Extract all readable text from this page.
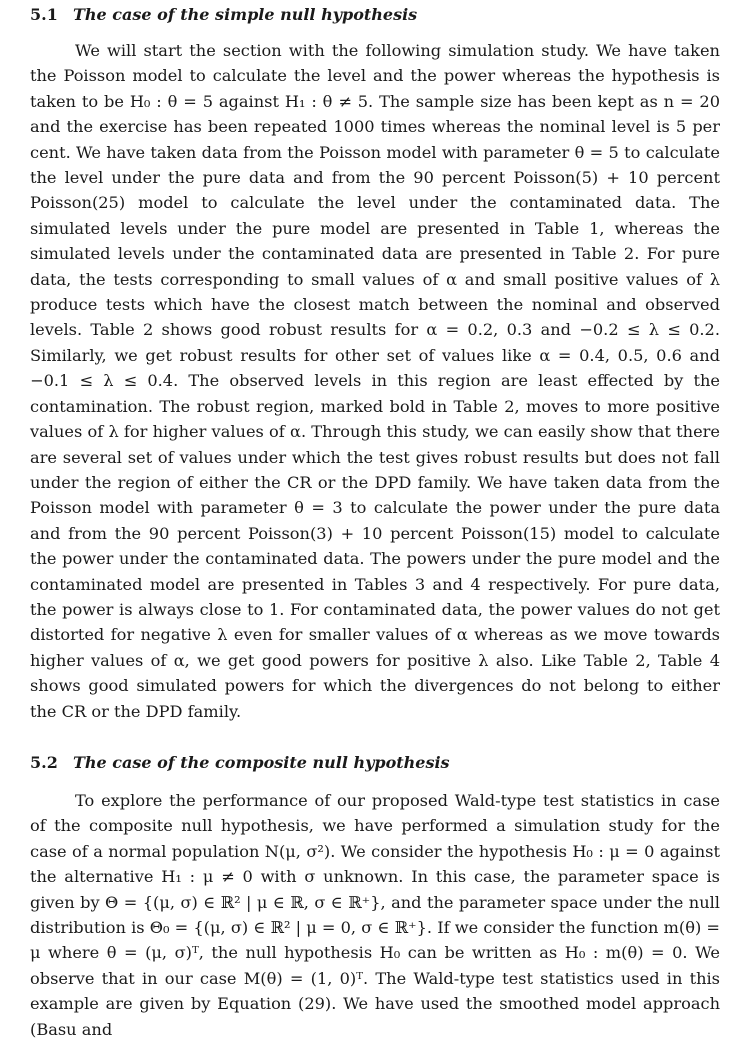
5.1 The case of the simple null hypothesis

We will start the section with the following simulation study. We have taken the Poisson model to calculate the level and the power whereas the hypothesis is taken to be H₀ : θ = 5 against H₁ : θ ≠ 5. The sample size has been kept as n = 20 and the exercise has been repeated 1000 times whereas the nominal level is 5 per cent. We have taken data from the Poisson model with parameter θ = 5 to calculate the level under the pure data and from the 90 percent Poisson(5) + 10 percent Poisson(25) model to calculate the level under the contaminated data. The simulated levels under the pure model are presented in Table 1, whereas the simulated levels under the contaminated data are presented in Table 2. For pure data, the tests corresponding to small values of α and small positive values of λ produce tests which have the closest match between the nominal and observed levels. Table 2 shows good robust results for α = 0.2, 0.3 and −0.2 ≤ λ ≤ 0.2. Similarly, we get robust results for other set of values like α = 0.4, 0.5, 0.6 and −0.1 ≤ λ ≤ 0.4. The observed levels in this region are least effected by the contamination. The robust region, marked bold in Table 2, moves to more positive values of λ for higher values of α. Through this study, we can easily show that there are several set of values under which the test gives robust results but does not fall under the region of either the CR or the DPD family. We have taken data from the Poisson model with parameter θ = 3 to calculate the power under the pure data and from the 90 percent Poisson(3) + 10 percent Poisson(15) model to calculate the power under the contaminated data. The powers under the pure model and the contaminated model are presented in Tables 3 and 4 respectively. For pure data, the power is always close to 1. For contaminated data, the power values do not get distorted for negative λ even for smaller values of α whereas as we move towards higher values of α, we get good powers for positive λ also. Like Table 2, Table 4 shows good simulated powers for which the divergences do not belong to either the CR or the DPD family.

5.2 The case of the composite null hypothesis

To explore the performance of our proposed Wald-type test statistics in case of the composite null hypothesis, we have performed a simulation study for the case of a normal population N(μ, σ²). We consider the hypothesis H₀ : μ = 0 against the alternative H₁ : μ ≠ 0 with σ unknown. In this case, the parameter space is given by Θ = {(μ, σ) ∈ ℝ² | μ ∈ ℝ, σ ∈ ℝ⁺}, and the parameter space under the null distribution is Θ₀ = {(μ, σ) ∈ ℝ² | μ = 0, σ ∈ ℝ⁺}. If we consider the function m(θ) = μ where θ = (μ, σ)ᵀ, the null hypothesis H₀ can be written as H₀ : m(θ) = 0. We observe that in our case M(θ) = (1, 0)ᵀ. The Wald-type test statistics used in this example are given by Equation (29). We have used the smoothed model approach (Basu and
